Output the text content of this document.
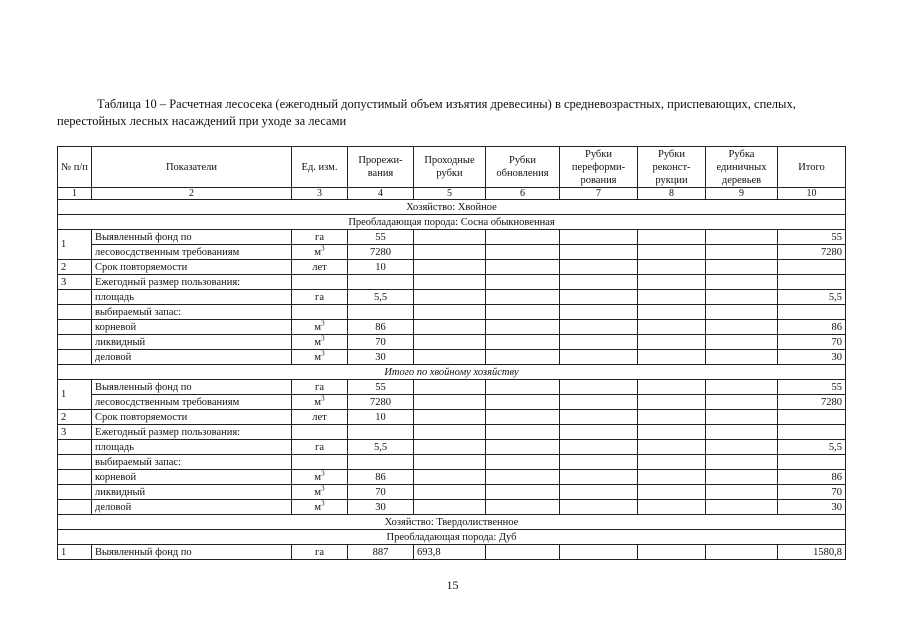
Таблица 10 – Расчетная лесосека (ежегодный допустимый объем изъятия древесины) в средневозрастных, приспевающих, спелых, перестойных лесных насаждений при уходе за лесами
№ п/п	Показатели	Ед. изм.	Прорежи-вания	Проходные рубки	Рубки обновления	Рубки переформи-рования	Рубки реконст-рукции	Рубка единичных деревьев	Итого
1	2	3	4	5	6	7	8	9	10
Хозяйство: Хвойное									
Преобладающая порода: Сосна обыкновенная									
1	Выявленный фонд по	га	55						55
	лесовосдственным требованиям	$м^3$	7280						7280
2	Срок повторяемости	лет	10						
3	Ежегодный размер пользования:								
	площадь	га	5,5						5,5
	выбираемый запас:								
	корневой	$м^3$	86						86
	ликвидный	$м^3$	70						70
	деловой	$м^3$	30						30
Итого по хвойному хозяйству									
1	Выявленный фонд по	га	55						55
	лесовосдственным требованиям	$м^3$	7280						7280
2	Срок повторяемости	лет	10						
3	Ежегодный размер пользования:								
	площадь	га	5,5						5,5
	выбираемый запас:								
	корневой	$м^3$	86						86
	ликвидный	$м^3$	70						70
	деловой	$м^3$	30						30
Хозяйство: Твердолиственное									
Преобладающая порода: Дуб									
1	Выявленный фонд по	га	887	693,8					1580,8
15
